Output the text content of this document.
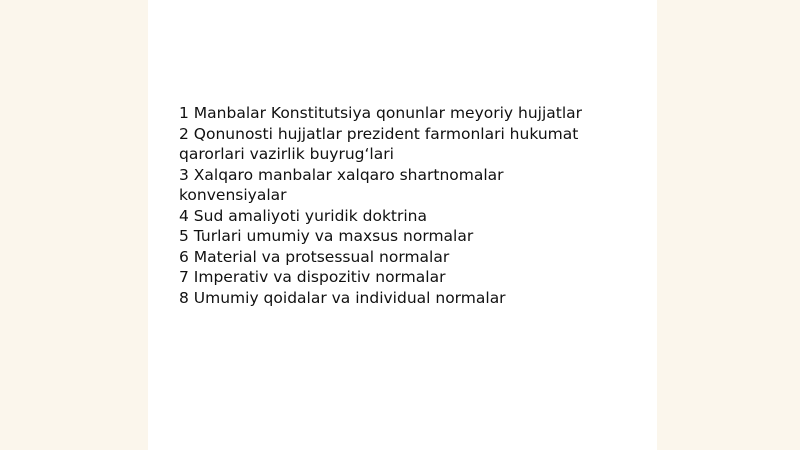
1 Manbalar Konstitutsiya qonunlar meyoriy hujjatlar
2 Qonunosti hujjatlar prezident farmonlari hukumat
qarorlari vazirlik buyrug‘lari
3 Xalqaro manbalar xalqaro shartnomalar
konvensiyalar
4 Sud amaliyoti yuridik doktrina
5 Turlari umumiy va maxsus normalar
6 Material va protsessual normalar
7 Imperativ va dispozitiv normalar
8 Umumiy qoidalar va individual normalar
